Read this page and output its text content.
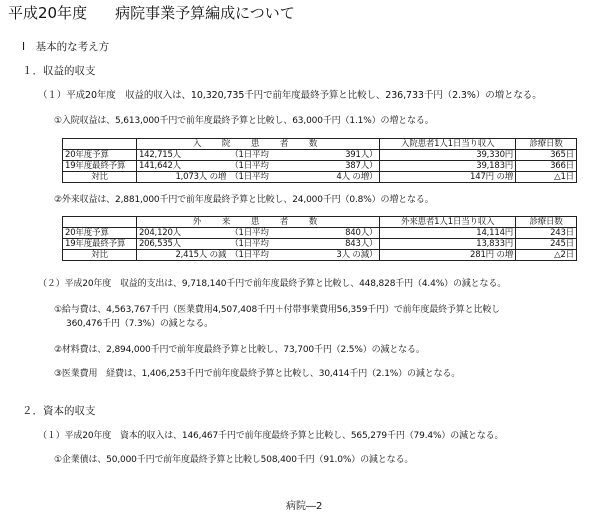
平成20年度 病院事業予算編成について
Ⅰ　基本的な考え方
１．収益的収支
（１）平成20年度　収益的収入は、10,320,735千円で前年度最終予算と比較し、236,733千円（2.3%）の増となる。
①入院収益は、5,613,000千円で前年度最終予算と比較し、63,000千円（1.1%）の増となる。
	入　院　患　者　数			入院患者1人1日当り収入	診療日数
20年度予算	142,715人	（1日平均	391人）	39,330円	365日
19年度最終予算	141,642人	（1日平均	387人）	39,183円	366日
対比	1,073人 の増	（1日平均	4人 の増）	147円 の増	△1日
②外来収益は、2,881,000千円で前年度最終予算と比較し、24,000千円（0.8%）の増となる。
	外　来　患　者　数			外来患者1人1日当り収入	診療日数
20年度予算	204,120人	（1日平均	840人）	14,114円	243日
19年度最終予算	206,535人	（1日平均	843人）	13,833円	245日
対比	2,415人 の減	（1日平均	3人 の減）	281円 の増	△2日
（２）平成20年度　収益的支出は、9,718,140千円で前年度最終予算と比較し、448,828千円（4.4%）の減となる。
①給与費は、4,563,767千円（医業費用4,507,408千円＋付帯事業費用56,359千円）で前年度最終予算と比較し
360,476千円（7.3%）の減となる。
②材料費は、2,894,000千円で前年度最終予算と比較し、73,700千円（2.5%）の減となる。
③医業費用　経費は、1,406,253千円で前年度最終予算と比較し、30,414千円（2.1%）の減となる。
２．資本的収支
（１）平成20年度　資本的収入は、146,467千円で前年度最終予算と比較し、565,279千円（79.4%）の減となる。
①企業債は、50,000千円で前年度最終予算と比較し508,400千円（91.0%）の減となる。
病院―2
